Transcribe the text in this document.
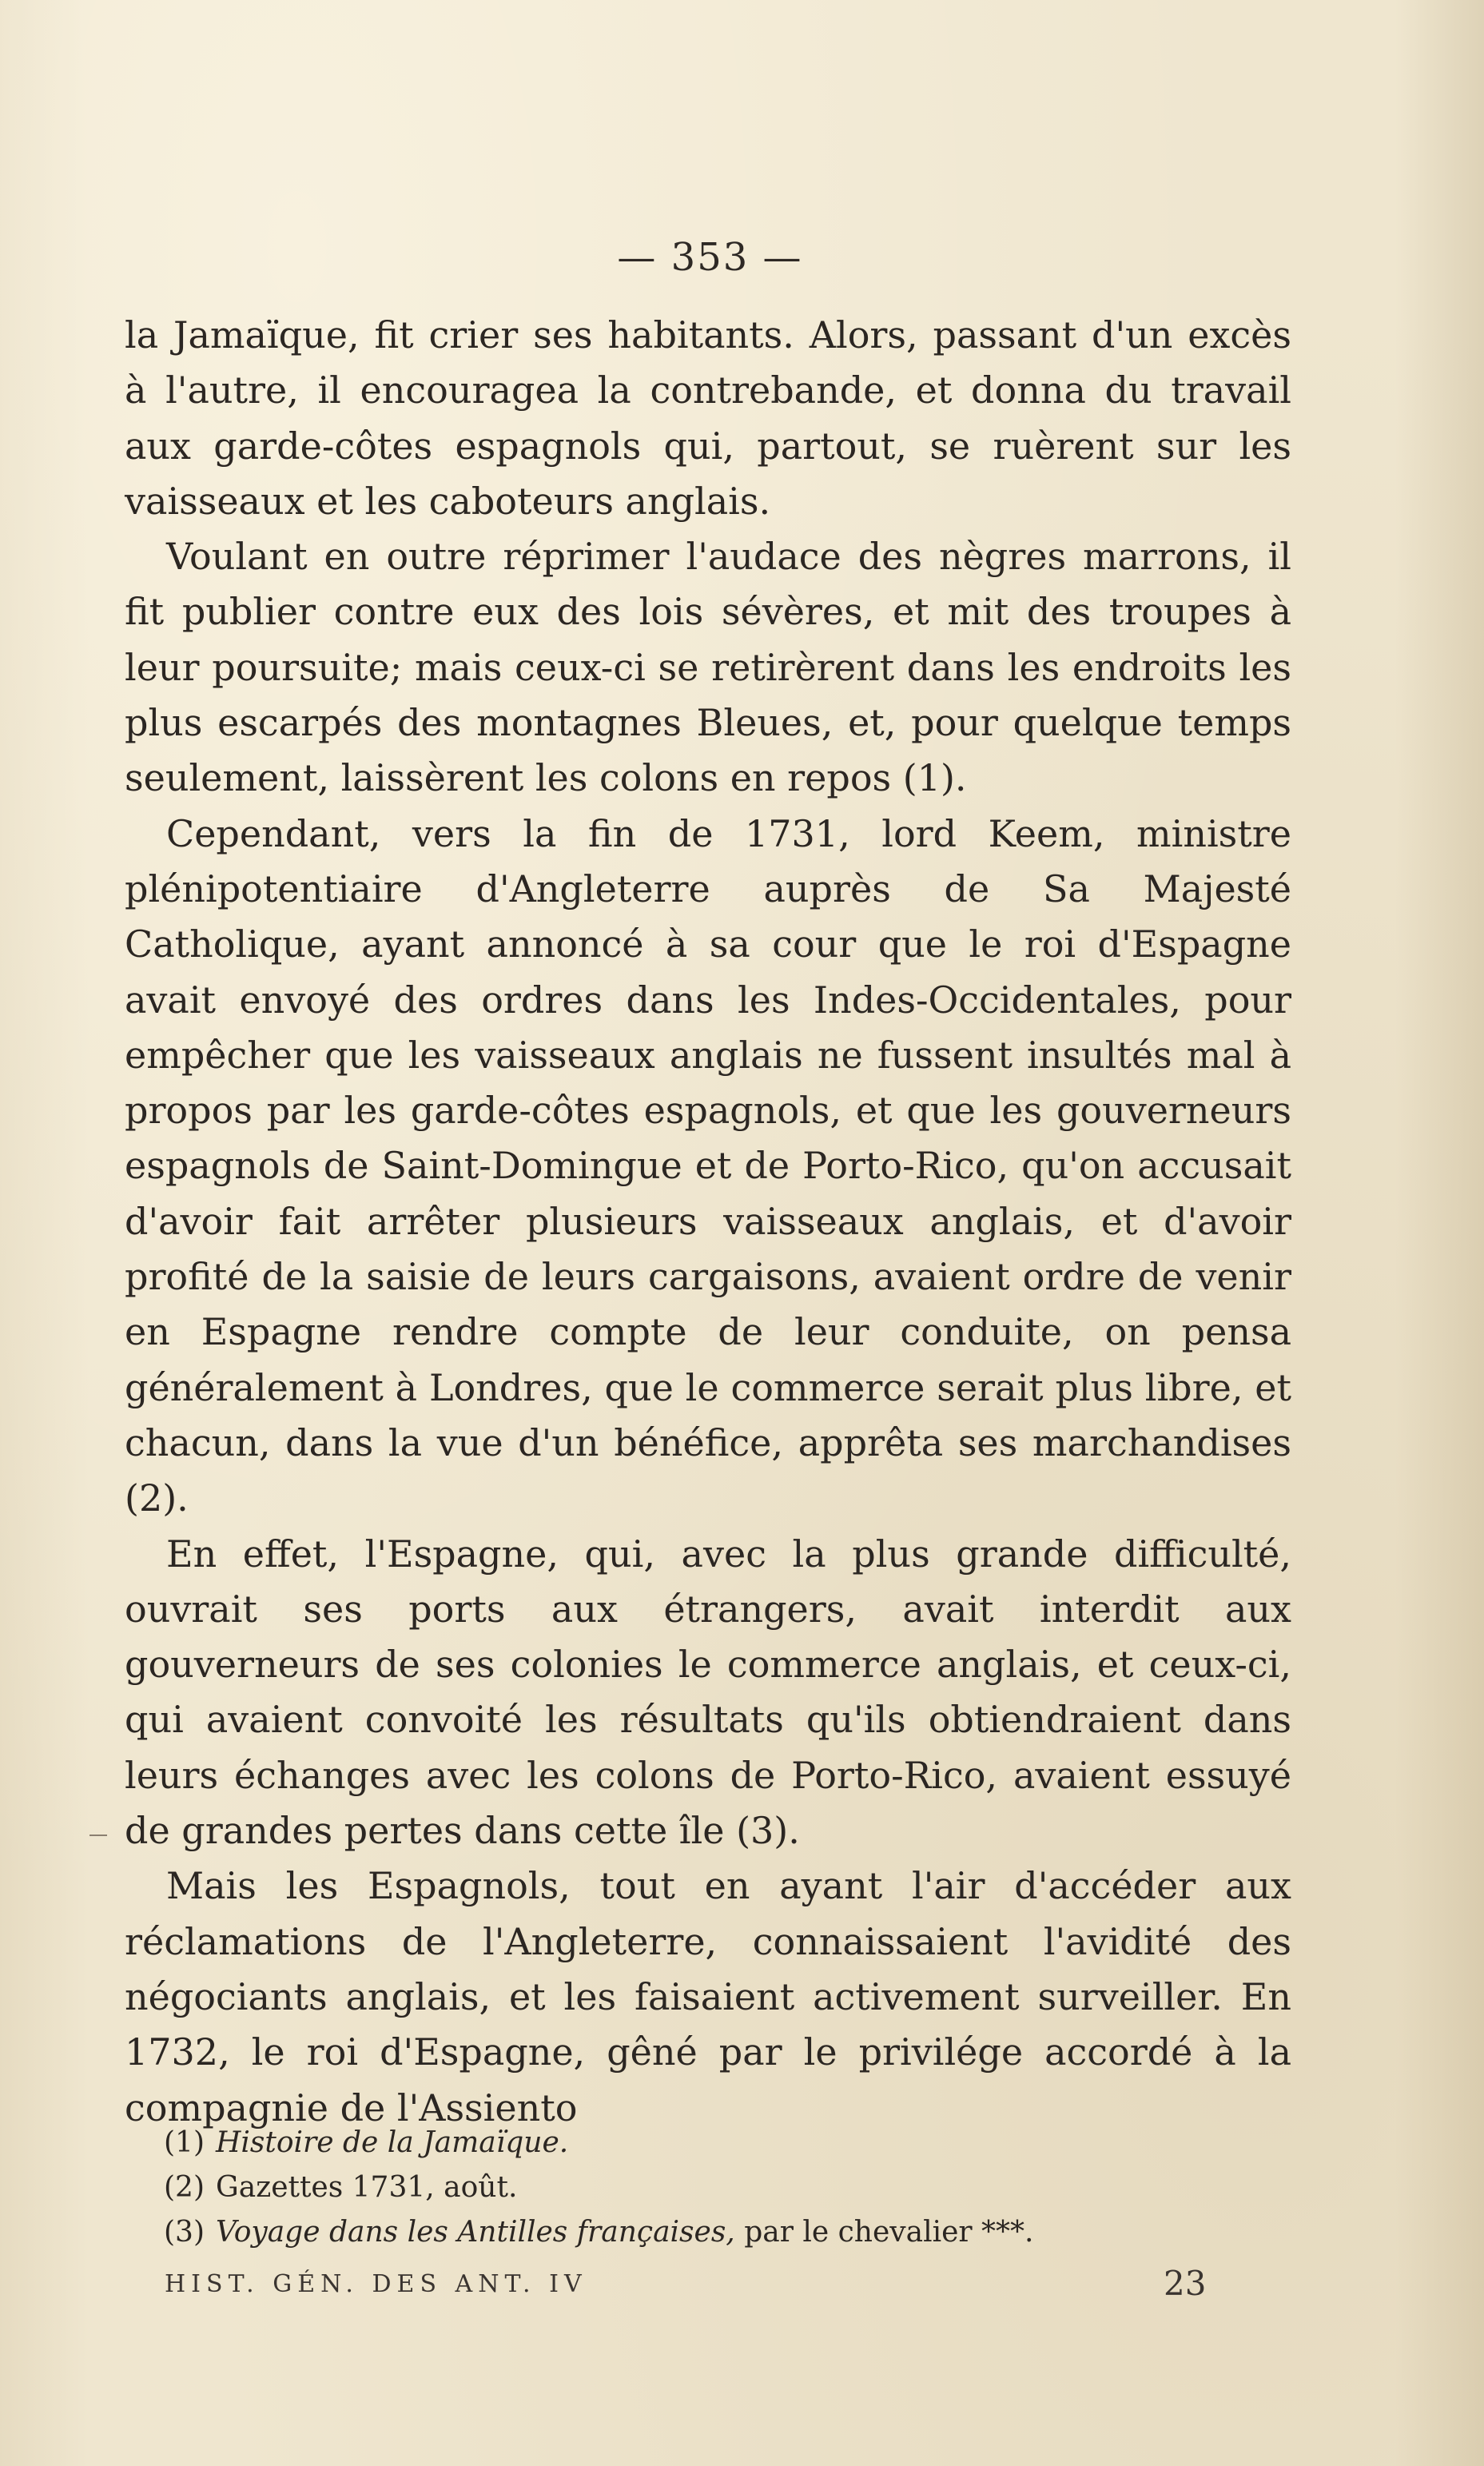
— 353 —

la Jamaïque, fit crier ses habitants. Alors, passant d'un excès à l'autre, il encouragea la contrebande, et donna du travail aux garde-côtes espagnols qui, partout, se ruèrent sur les vaisseaux et les caboteurs anglais.

Voulant en outre réprimer l'audace des nègres marrons, il fit publier contre eux des lois sévères, et mit des troupes à leur poursuite; mais ceux-ci se retirèrent dans les endroits les plus escarpés des montagnes Bleues, et, pour quelque temps seulement, laissèrent les colons en repos (1).

Cependant, vers la fin de 1731, lord Keem, ministre plénipotentiaire d'Angleterre auprès de Sa Majesté Catholique, ayant annoncé à sa cour que le roi d'Espagne avait envoyé des ordres dans les Indes-Occidentales, pour empêcher que les vaisseaux anglais ne fussent insultés mal à propos par les garde-côtes espagnols, et que les gouverneurs espagnols de Saint-Domingue et de Porto-Rico, qu'on accusait d'avoir fait arrêter plusieurs vaisseaux anglais, et d'avoir profité de la saisie de leurs cargaisons, avaient ordre de venir en Espagne rendre compte de leur conduite, on pensa généralement à Londres, que le commerce serait plus libre, et chacun, dans la vue d'un bénéfice, apprêta ses marchandises (2).

En effet, l'Espagne, qui, avec la plus grande difficulté, ouvrait ses ports aux étrangers, avait interdit aux gouverneurs de ses colonies le commerce anglais, et ceux-ci, qui avaient convoité les résultats qu'ils obtiendraient dans leurs échanges avec les colons de Porto-Rico, avaient essuyé de grandes pertes dans cette île (3).

Mais les Espagnols, tout en ayant l'air d'accéder aux réclamations de l'Angleterre, connaissaient l'avidité des négociants anglais, et les faisaient activement surveiller. En 1732, le roi d'Espagne, gêné par le privilége accordé à la compagnie de l'Assiento

(1) Histoire de la Jamaïque.

(2) Gazettes 1731, août.

(3) Voyage dans les Antilles françaises, par le chevalier ***.

HIST. GÉN. DES ANT. IV	23
